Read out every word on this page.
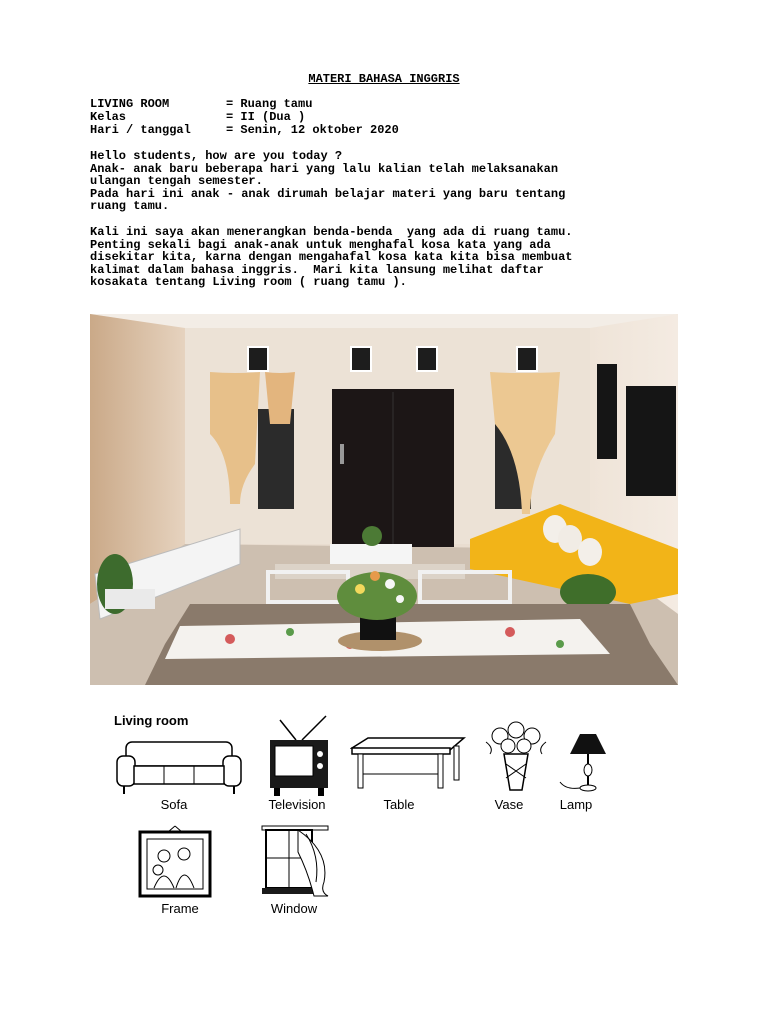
MATERI BAHASA INGGRIS
LIVING ROOM	= Ruang tamu
Kelas	= II (Dua )
Hari / tanggal	= Senin, 12 oktober 2020

Hello students, how are you today ?

Anak- anak baru beberapa hari yang lalu kalian telah melaksanakan

ulangan tengah semester.

Pada hari ini anak - anak dirumah belajar materi yang baru tentang

ruang tamu.

Kali ini saya akan menerangkan benda-benda  yang ada di ruang tamu.

Penting sekali bagi anak-anak untuk menghafal kosa kata yang ada

disekitar kita, karna dengan mengahafal kosa kata kita bisa membuat

kalimat dalam bahasa inggris.  Mari kita lansung melihat daftar

kosakata tentang Living room ( ruang tamu ).

Living room
Sofa	Television	Table	Vase	Lamp
Frame	Window
